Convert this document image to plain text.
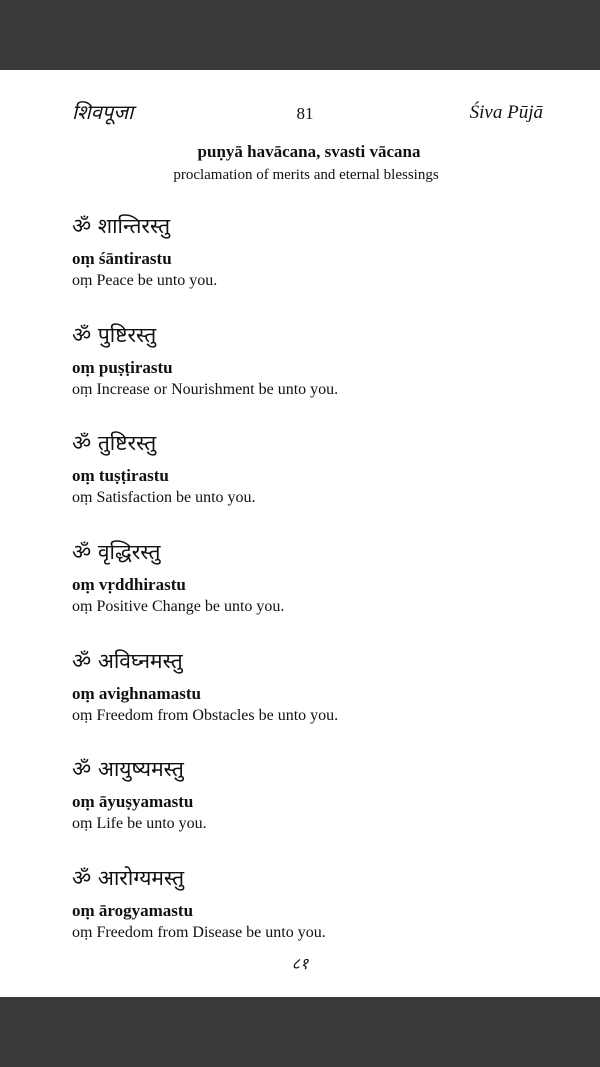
शिवपूजा	81	Śiva Pūjā
puṇyā havācana, svasti vācana
proclamation of merits and eternal blessings
ॐ शान्तिरस्तु
oṃ śāntirastu
oṃ Peace be unto you.
ॐ पुष्टिरस्तु
oṃ puṣṭirastu
oṃ Increase or Nourishment be unto you.
ॐ तुष्टिरस्तु
oṃ tuṣṭirastu
oṃ Satisfaction be unto you.
ॐ वृद्धिरस्तु
oṃ vṛddhirastu
oṃ Positive Change be unto you.
ॐ अविघ्नमस्तु
oṃ avighnamastu
oṃ Freedom from Obstacles be unto you.
ॐ आयुष्यमस्तु
oṃ āyuṣyamastu
oṃ Life be unto you.
ॐ आरोग्यमस्तु
oṃ ārogyamastu
oṃ Freedom from Disease be unto you.
८१
